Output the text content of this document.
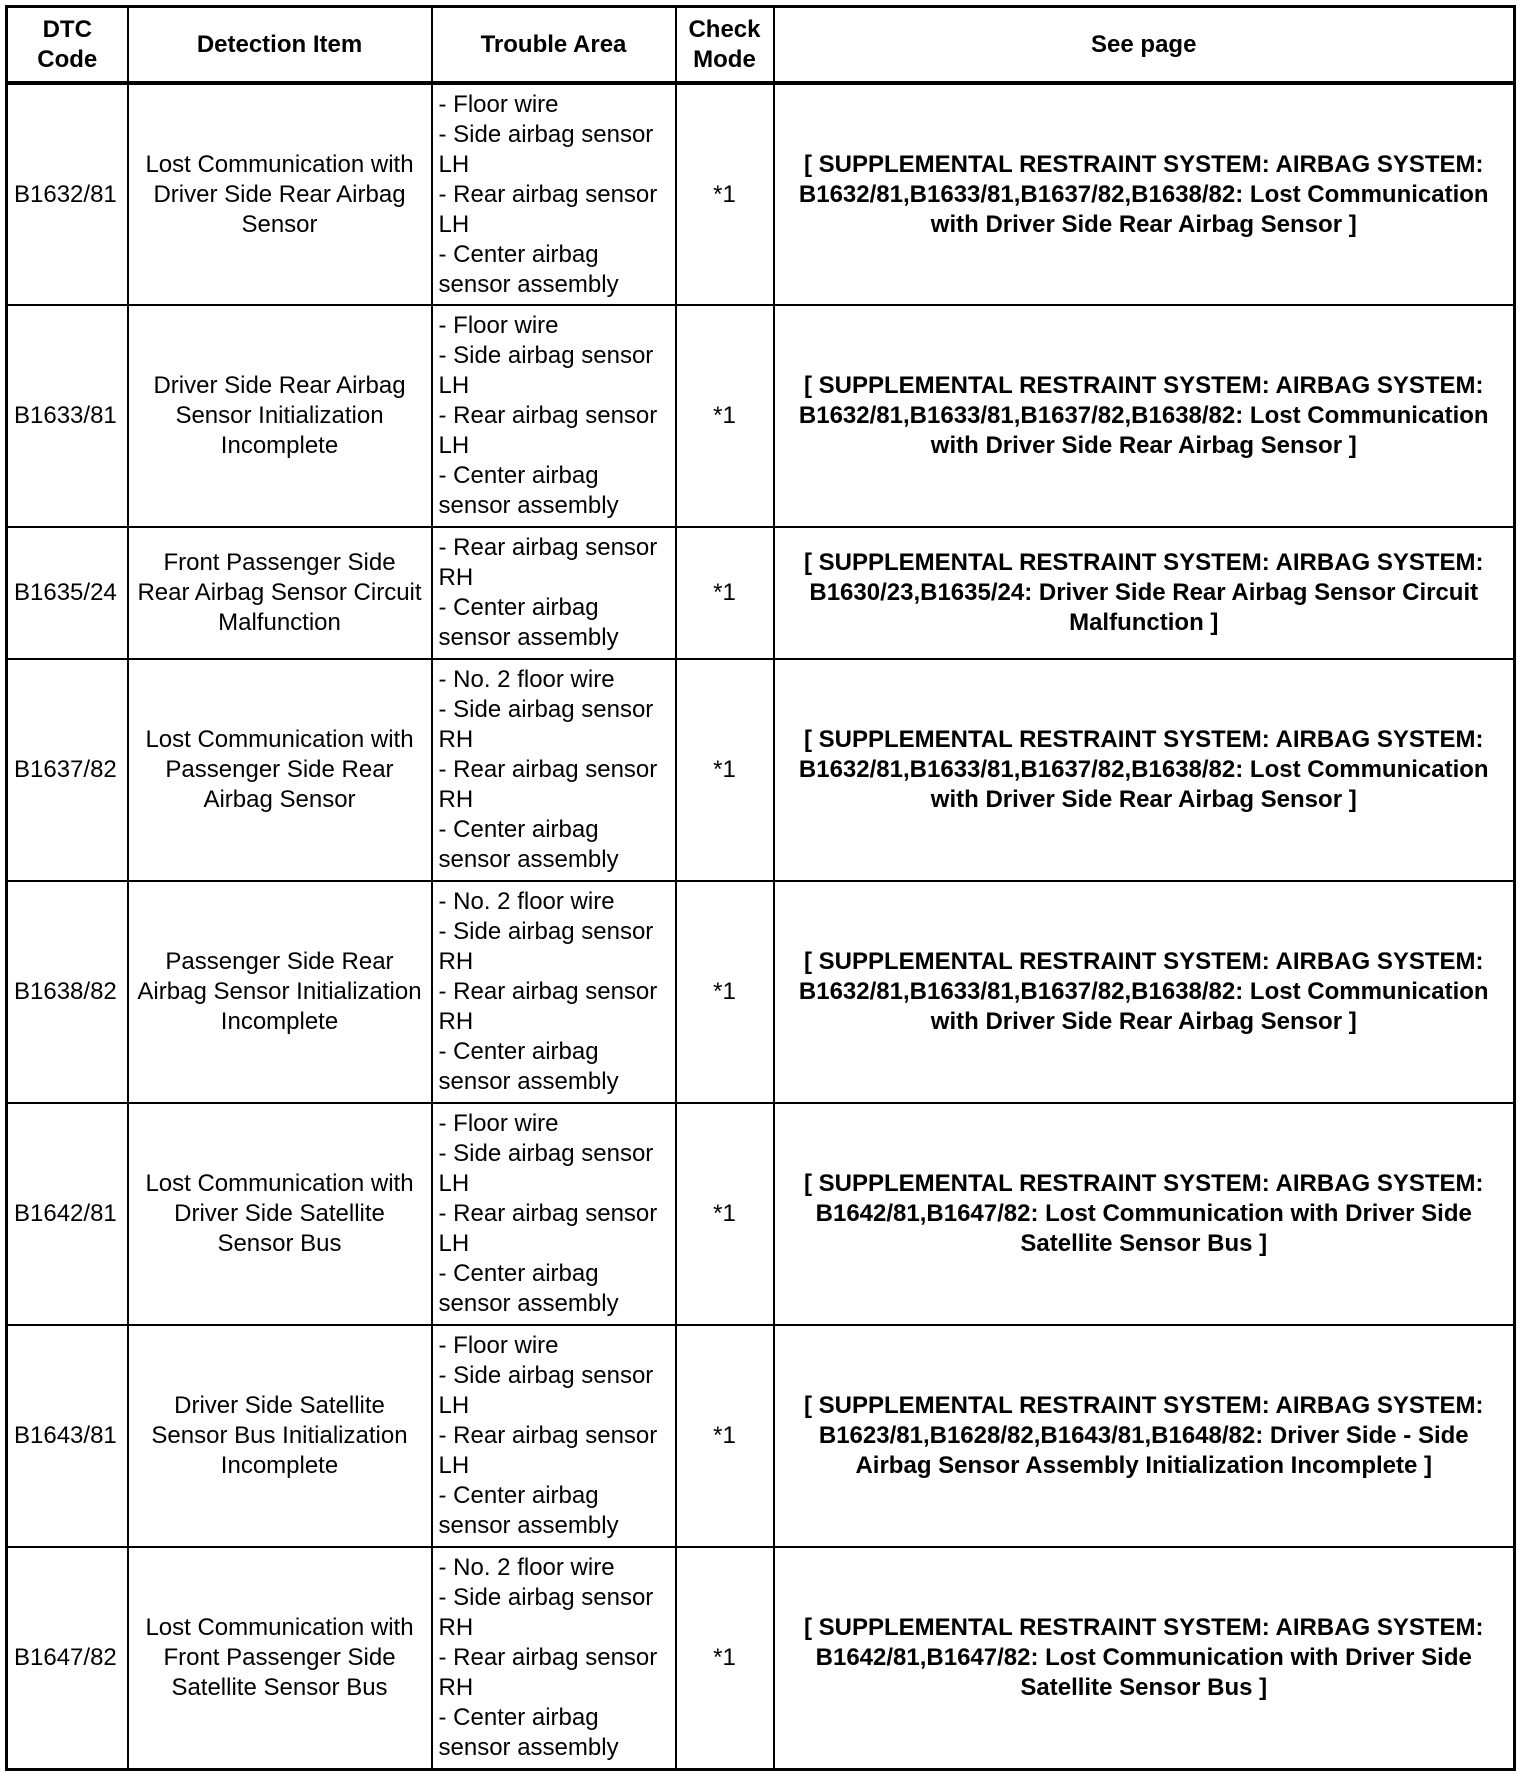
DTC Code	Detection Item	Trouble Area	Check Mode	See page
B1632/81	Lost Communication with Driver Side Rear Airbag Sensor	- Floor wire
- Side airbag sensor LH
- Rear airbag sensor LH
- Center airbag sensor assembly	*1	[ SUPPLEMENTAL RESTRAINT SYSTEM: AIRBAG SYSTEM: B1632/81,B1633/81,B1637/82,B1638/82: Lost Communication with Driver Side Rear Airbag Sensor ]
B1633/81	Driver Side Rear Airbag Sensor Initialization Incomplete	- Floor wire
- Side airbag sensor LH
- Rear airbag sensor LH
- Center airbag sensor assembly	*1	[ SUPPLEMENTAL RESTRAINT SYSTEM: AIRBAG SYSTEM: B1632/81,B1633/81,B1637/82,B1638/82: Lost Communication with Driver Side Rear Airbag Sensor ]
B1635/24	Front Passenger Side Rear Airbag Sensor Circuit Malfunction	- Rear airbag sensor RH
- Center airbag sensor assembly	*1	[ SUPPLEMENTAL RESTRAINT SYSTEM: AIRBAG SYSTEM: B1630/23,B1635/24: Driver Side Rear Airbag Sensor Circuit Malfunction ]
B1637/82	Lost Communication with Passenger Side Rear Airbag Sensor	- No. 2 floor wire
- Side airbag sensor RH
- Rear airbag sensor RH
- Center airbag sensor assembly	*1	[ SUPPLEMENTAL RESTRAINT SYSTEM: AIRBAG SYSTEM: B1632/81,B1633/81,B1637/82,B1638/82: Lost Communication with Driver Side Rear Airbag Sensor ]
B1638/82	Passenger Side Rear Airbag Sensor Initialization Incomplete	- No. 2 floor wire
- Side airbag sensor RH
- Rear airbag sensor RH
- Center airbag sensor assembly	*1	[ SUPPLEMENTAL RESTRAINT SYSTEM: AIRBAG SYSTEM: B1632/81,B1633/81,B1637/82,B1638/82: Lost Communication with Driver Side Rear Airbag Sensor ]
B1642/81	Lost Communication with Driver Side Satellite Sensor Bus	- Floor wire
- Side airbag sensor LH
- Rear airbag sensor LH
- Center airbag sensor assembly	*1	[ SUPPLEMENTAL RESTRAINT SYSTEM: AIRBAG SYSTEM: B1642/81,B1647/82: Lost Communication with Driver Side Satellite Sensor Bus ]
B1643/81	Driver Side Satellite Sensor Bus Initialization Incomplete	- Floor wire
- Side airbag sensor LH
- Rear airbag sensor LH
- Center airbag sensor assembly	*1	[ SUPPLEMENTAL RESTRAINT SYSTEM: AIRBAG SYSTEM: B1623/81,B1628/82,B1643/81,B1648/82: Driver Side - Side Airbag Sensor Assembly Initialization Incomplete ]
B1647/82	Lost Communication with Front Passenger Side Satellite Sensor Bus	- No. 2 floor wire
- Side airbag sensor RH
- Rear airbag sensor RH
- Center airbag sensor assembly	*1	[ SUPPLEMENTAL RESTRAINT SYSTEM: AIRBAG SYSTEM: B1642/81,B1647/82: Lost Communication with Driver Side Satellite Sensor Bus ]
